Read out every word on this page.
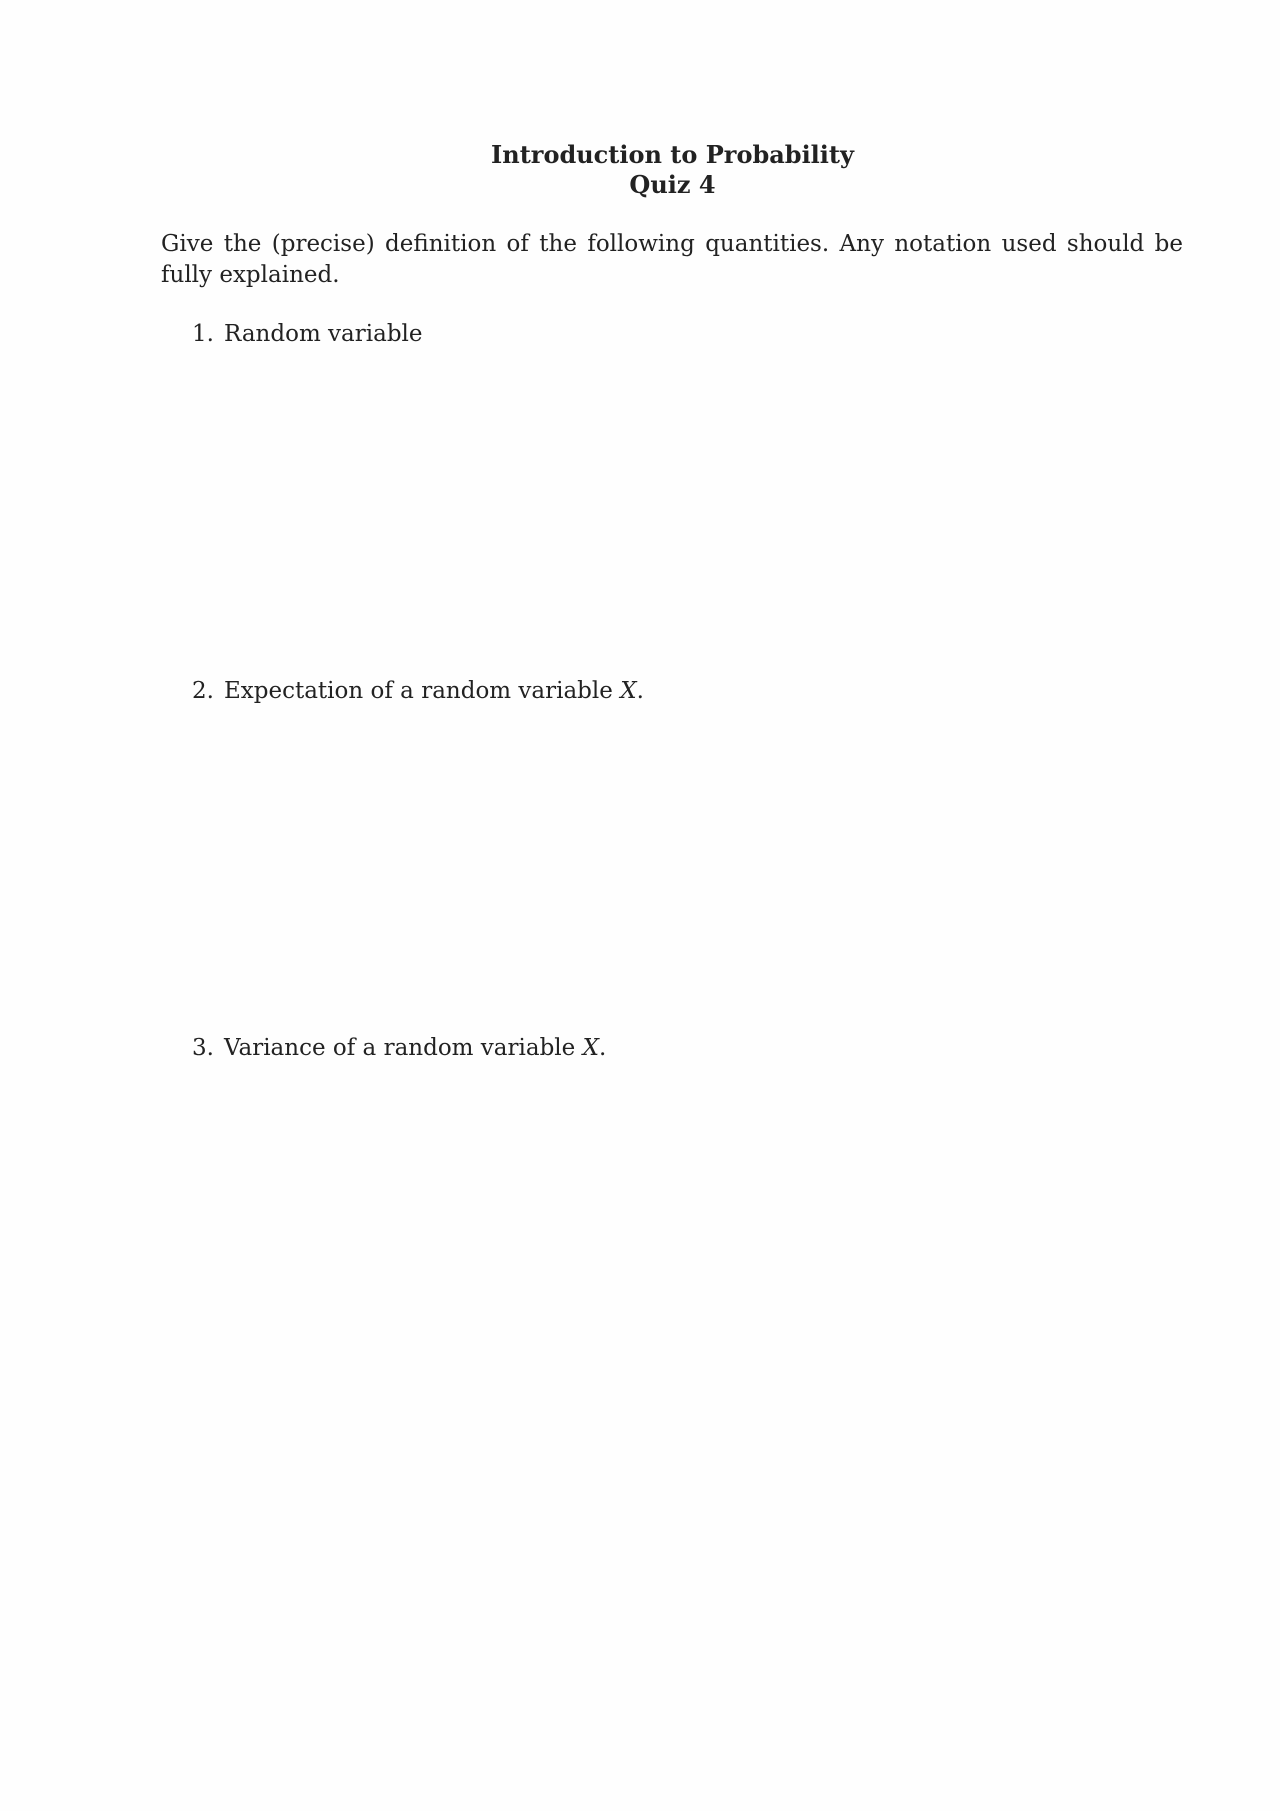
Introduction to Probability

Quiz 4

Give the (precise) definition of the following quantities. Any notation used should be fully explained.

1. Random variable

2. Expectation of a random variable X.

3. Variance of a random variable X.
